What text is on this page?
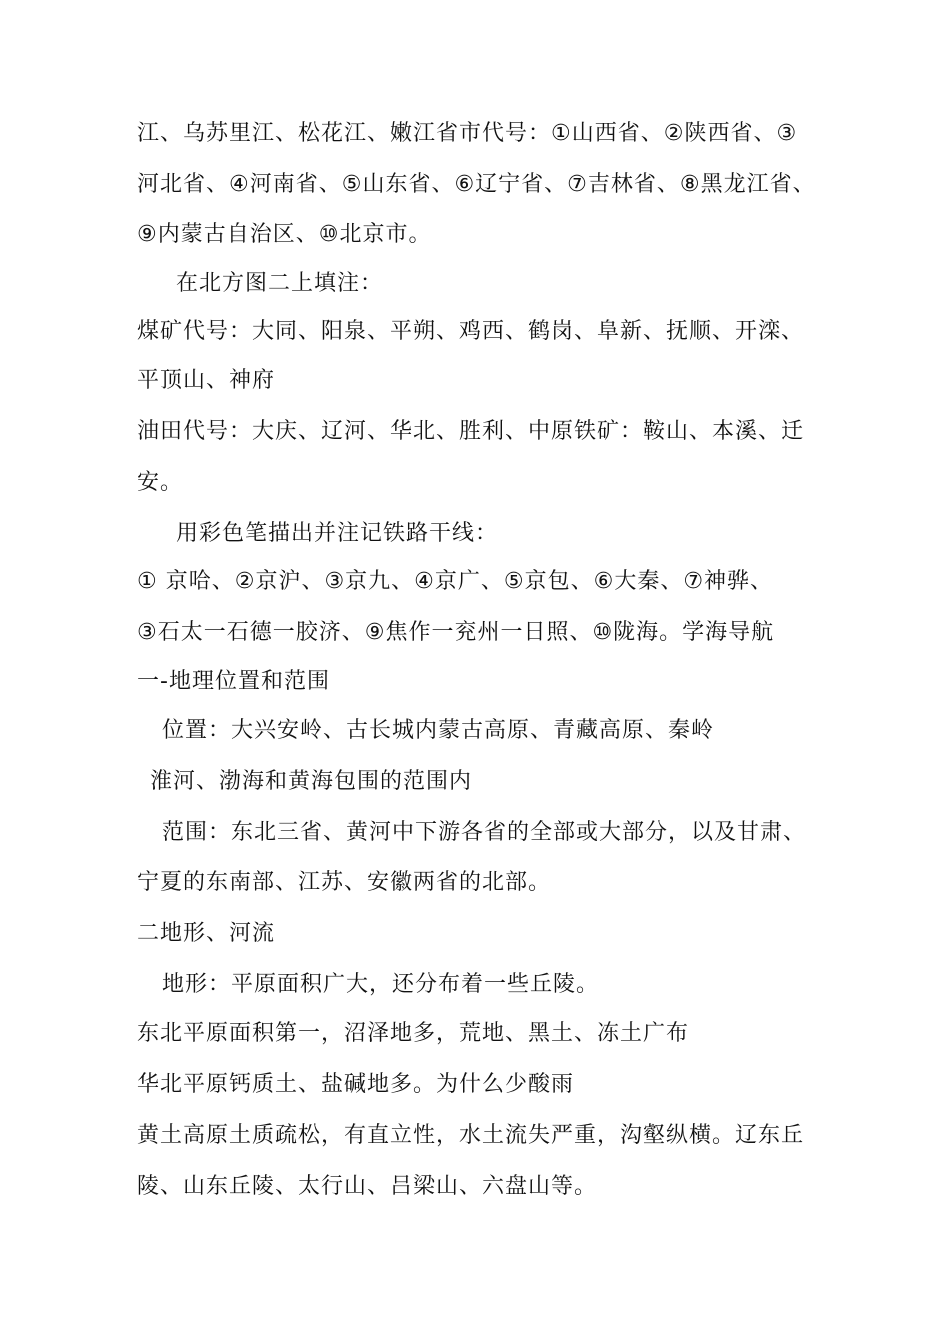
江、乌苏里江、松花江、嫩江省市代号：①山西省、②陕西省、③
河北省、④河南省、⑤山东省、⑥辽宁省、⑦吉林省、⑧黑龙江省、
⑨内蒙古自治区、⑩北京市。
在北方图二上填注：
煤矿代号：大同、阳泉、平朔、鸡西、鹤岗、阜新、抚顺、开滦、
平顶山、神府
油田代号：大庆、辽河、华北、胜利、中原铁矿：鞍山、本溪、迁
安。
用彩色笔描出并注记铁路干线：
① 京哈、②京沪、③京九、④京广、⑤京包、⑥大秦、⑦神骅、
③石太一石德一胶济、⑨焦作一兖州一日照、⑩陇海。学海导航
一-地理位置和范围
位置：大兴安岭、古长城内蒙古高原、青藏高原、秦岭
淮河、渤海和黄海包围的范围内
范围：东北三省、黄河中下游各省的全部或大部分，以及甘肃、
宁夏的东南部、江苏、安徽两省的北部。
二地形、河流
地形：平原面积广大，还分布着一些丘陵。
东北平原面积第一，沼泽地多，荒地、黑土、冻土广布
华北平原钙质土、盐碱地多。为什么少酸雨
黄土高原土质疏松，有直立性，水土流失严重，沟壑纵横。辽东丘
陵、山东丘陵、太行山、吕梁山、六盘山等。
